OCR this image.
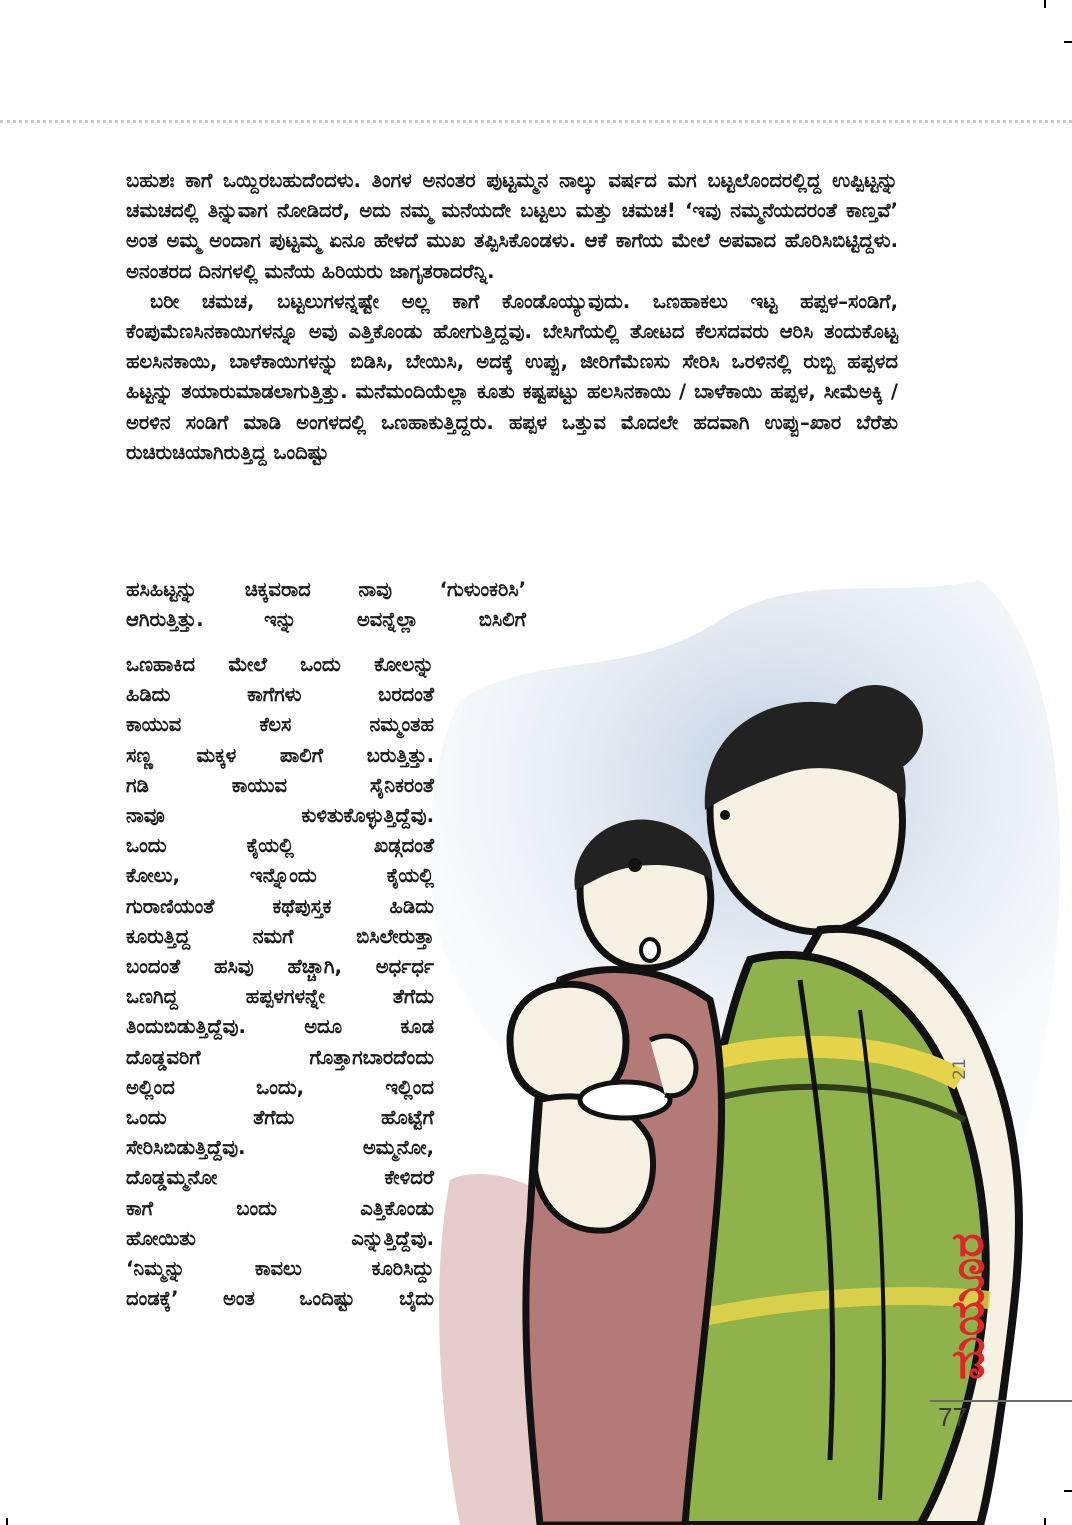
ಬಹುಶಃ ಕಾಗೆ ಒಯ್ದಿರಬಹುದೆಂದಳು. ತಿಂಗಳ ಅನಂತರ ಪುಟ್ಟಮ್ಮನ ನಾಲ್ಕು ವರ್ಷದ ಮಗ ಬಟ್ಟಲೊಂದರಲ್ಲಿದ್ದ ಉಪ್ಪಿಟ್ಟನ್ನು ಚಮಚದಲ್ಲಿ ತಿನ್ನುವಾಗ ನೋಡಿದರೆ, ಅದು ನಮ್ಮ ಮನೆಯದೇ ಬಟ್ಟಲು ಮತ್ತು ಚಮಚ! ‘ಇವು ನಮ್ಮನೆಯದರಂತೆ ಕಾಣ್ತವೆ’ ಅಂತ ಅಮ್ಮ ಅಂದಾಗ ಪುಟ್ಟಮ್ಮ ಏನೂ ಹೇಳದೆ ಮುಖ ತಪ್ಪಿಸಿಕೊಂಡಳು. ಆಕೆ ಕಾಗೆಯ ಮೇಲೆ ಅಪವಾದ ಹೊರಿಸಿಬಿಟ್ಟಿದ್ದಳು. ಅನಂತರದ ದಿನಗಳಲ್ಲಿ ಮನೆಯ ಹಿರಿಯರು ಜಾಗೃತರಾದರೆನ್ನಿ.

ಬರೀ ಚಮಚ, ಬಟ್ಟಲುಗಳನ್ನಷ್ಟೇ ಅಲ್ಲ ಕಾಗೆ ಕೊಂಡೊಯ್ಯುವುದು. ಒಣಹಾಕಲು ಇಟ್ಟ ಹಪ್ಪಳ–ಸಂಡಿಗೆ, ಕೆಂಪುಮೆಣಸಿನಕಾಯಿಗಳನ್ನೂ ಅವು ಎತ್ತಿಕೊಂಡು ಹೋಗುತ್ತಿದ್ದವು. ಬೇಸಿಗೆಯಲ್ಲಿ ತೋಟದ ಕೆಲಸದವರು ಆರಿಸಿ ತಂದುಕೊಟ್ಟ ಹಲಸಿನಕಾಯಿ, ಬಾಳೆಕಾಯಿಗಳನ್ನು ಬಿಡಿಸಿ, ಬೇಯಿಸಿ, ಅದಕ್ಕೆ ಉಪ್ಪು, ಜೀರಿಗೆಮೆಣಸು ಸೇರಿಸಿ ಒರಳಿನಲ್ಲಿ ರುಬ್ಬಿ ಹಪ್ಪಳದ ಹಿಟ್ಟನ್ನು ತಯಾರುಮಾಡಲಾಗುತ್ತಿತ್ತು. ಮನೆಮಂದಿಯೆಲ್ಲಾ ಕೂತು ಕಷ್ಟಪಟ್ಟು ಹಲಸಿನಕಾಯಿ / ಬಾಳೆಕಾಯಿ ಹಪ್ಪಳ, ಸೀಮೆಅಕ್ಕಿ / ಅರಳಿನ ಸಂಡಿಗೆ ಮಾಡಿ ಅಂಗಳದಲ್ಲಿ ಒಣಹಾಕುತ್ತಿದ್ದರು. ಹಪ್ಪಳ ಒತ್ತುವ ಮೊದಲೇ ಹದವಾಗಿ ಉಪ್ಪು–ಖಾರ ಬೆರೆತು ರುಚಿರುಚಿಯಾಗಿರುತ್ತಿದ್ದ ಒಂದಿಷ್ಟು

ಹಸಿಹಿಟ್ಟನ್ನು ಚಿಕ್ಕವರಾದ ನಾವು ‘ಗುಳುಂಕರಿಸಿ’
ಆಗಿರುತ್ತಿತ್ತು. ಇನ್ನು ಅವನ್ನೆಲ್ಲಾ ಬಿಸಿಲಿಗೆ
ಒಣಹಾಕಿದ ಮೇಲೆ ಒಂದು ಕೋಲನ್ನು
ಹಿಡಿದು ಕಾಗೆಗಳು ಬರದಂತೆ
ಕಾಯುವ ಕೆಲಸ ನಮ್ಮಂತಹ
ಸಣ್ಣ ಮಕ್ಕಳ ಪಾಲಿಗೆ ಬರುತ್ತಿತ್ತು.
ಗಡಿ ಕಾಯುವ ಸೈನಿಕರಂತೆ
ನಾವೂ ಕುಳಿತುಕೊಳ್ಳುತ್ತಿದ್ದೆವು.
ಒಂದು ಕೈಯಲ್ಲಿ ಖಡ್ಗದಂತೆ
ಕೋಲು, ಇನ್ನೊಂದು ಕೈಯಲ್ಲಿ
ಗುರಾಣಿಯಂತೆ ಕಥೆಪುಸ್ತಕ ಹಿಡಿದು
ಕೂರುತ್ತಿದ್ದ ನಮಗೆ ಬಿಸಿಲೇರುತ್ತಾ
ಬಂದಂತೆ ಹಸಿವು ಹೆಚ್ಚಾಗಿ, ಅರ್ಧರ್ಧ
ಒಣಗಿದ್ದ ಹಪ್ಪಳಗಳನ್ನೇ ತೆಗೆದು
ತಿಂದುಬಿಡುತ್ತಿದ್ದೆವು. ಅದೂ ಕೂಡ
ದೊಡ್ಡವರಿಗೆ ಗೊತ್ತಾಗಬಾರದೆಂದು
ಅಲ್ಲಿಂದ ಒಂದು, ಇಲ್ಲಿಂದ
ಒಂದು ತೆಗೆದು ಹೊಟ್ಟೆಗೆ
ಸೇರಿಸಿಬಿಡುತ್ತಿದ್ದೆವು. ಅಮ್ಮನೋ,
ದೊಡ್ಡಮ್ಮನೋ ಕೇಳಿದರೆ
ಕಾಗೆ ಬಂದು ಎತ್ತಿಕೊಂಡು
ಹೋಯಿತು ಎನ್ನುತ್ತಿದ್ದೆವು.
‘ನಿಮ್ಮನ್ನು ಕಾವಲು ಕೂರಿಸಿದ್ದು
ದಂಡಕ್ಕೆ’ ಅಂತ ಒಂದಿಷ್ಟು ಬೈದು
21
ಮಯೂರ
77
